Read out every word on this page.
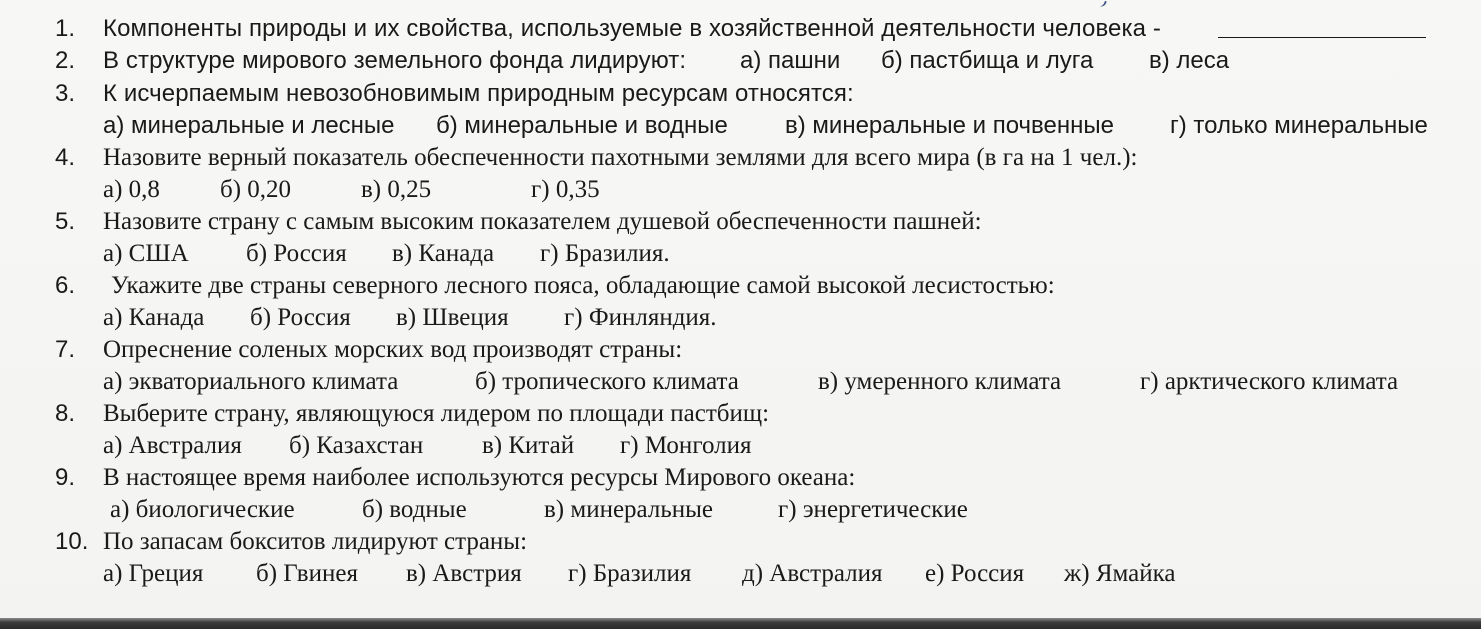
1. Компоненты природы и их свойства, используемые в хозяйственной деятельности человека -
2. В структуре мирового земельного фонда лидируют: а) пашни б) пастбища и луга в) леса
3. К исчерпаемым невозобновимым природным ресурсам относятся:
а) минеральные и лесные б) минеральные и водные в) минеральные и почвенные г) только минеральные
4. Назовите верный показатель обеспеченности пахотными землями для всего мира (в га на 1 чел.):
а) 0,8 б) 0,20	в) 0,25	г) 0,35
5. Назовите страну с самым высоким показателем душевой обеспеченности пашней:
а) США б) Россия в) Канада г) Бразилия.
6. Укажите две страны северного лесного пояса, обладающие самой высокой лесистостью:
а) Канада б) Россия в) Швеция г) Финляндия.
7. Опреснение соленых морских вод производят страны:
а) экваториального климата	б) тропического климата	в) умеренного климата	г) арктического климата
8. Выберите страну, являющуюся лидером по площади пастбищ:
а) Австралия б) Казахстан в) Китай г) Монголия
9. В настоящее время наиболее используются ресурсы Мирового океана:
а) биологические	б) водные	в) минеральные	г) энергетические
10. По запасам бокситов лидируют страны:
а) Греция б) Гвинея в) Австрия г) Бразилия д) Австралия е) Россия ж) Ямайка
